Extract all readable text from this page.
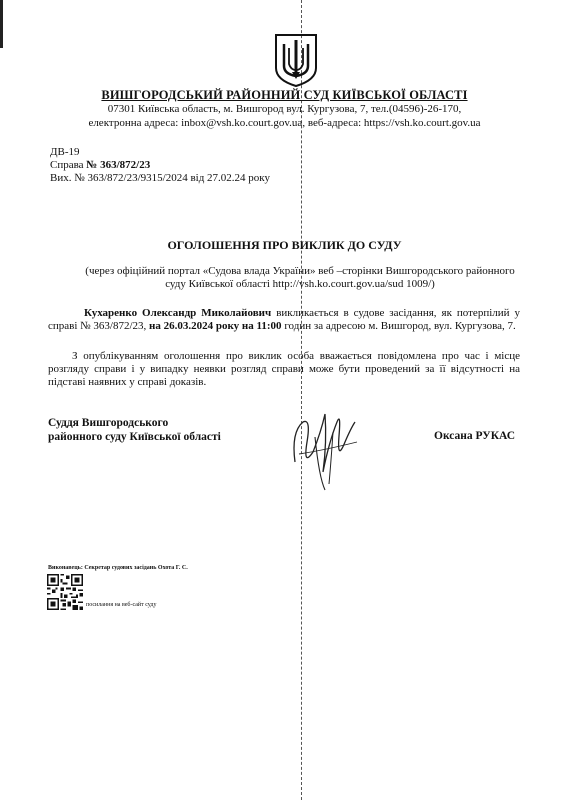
ВИШГОРОДСЬКИЙ РАЙОННИЙ СУД КИЇВСЬКОЇ ОБЛАСТІ
07301 Київська область, м. Вишгород вул. Кургузова, 7, тел.(04596)-26-170,
електронна адреса: inbox@vsh.ko.court.gov.ua, веб-адреса: https://vsh.ko.court.gov.ua
ДВ-19
Справа № 363/872/23
Вих. № 363/872/23/9315/2024 від 27.02.24 року
ОГОЛОШЕННЯ ПРО ВИКЛИК ДО СУДУ
(через офіційний портал «Судова влада України» веб –сторінки Вишгородського районного суду Київської області http://vsh.ko.court.gov.ua/sud 1009/)
Кухаренко Олександр Миколайович викликається в судове засідання, як потерпілий у справі № 363/872/23, на 26.03.2024 року на 11:00 годин за адресою м. Вишгород, вул. Кургузова, 7.
З опублікуванням оголошення про виклик особа вважається повідомлена про час і місце розгляду справи і у випадку неявки розгляд справи може бути проведений за її відсутності на підставі наявних у справі доказів.
Суддя Вишгородського
районного суду Київської області	Оксана РУКАС
Виконавець: Секретар судових засідань Охота Г. С.
посилання на веб-сайт суду
